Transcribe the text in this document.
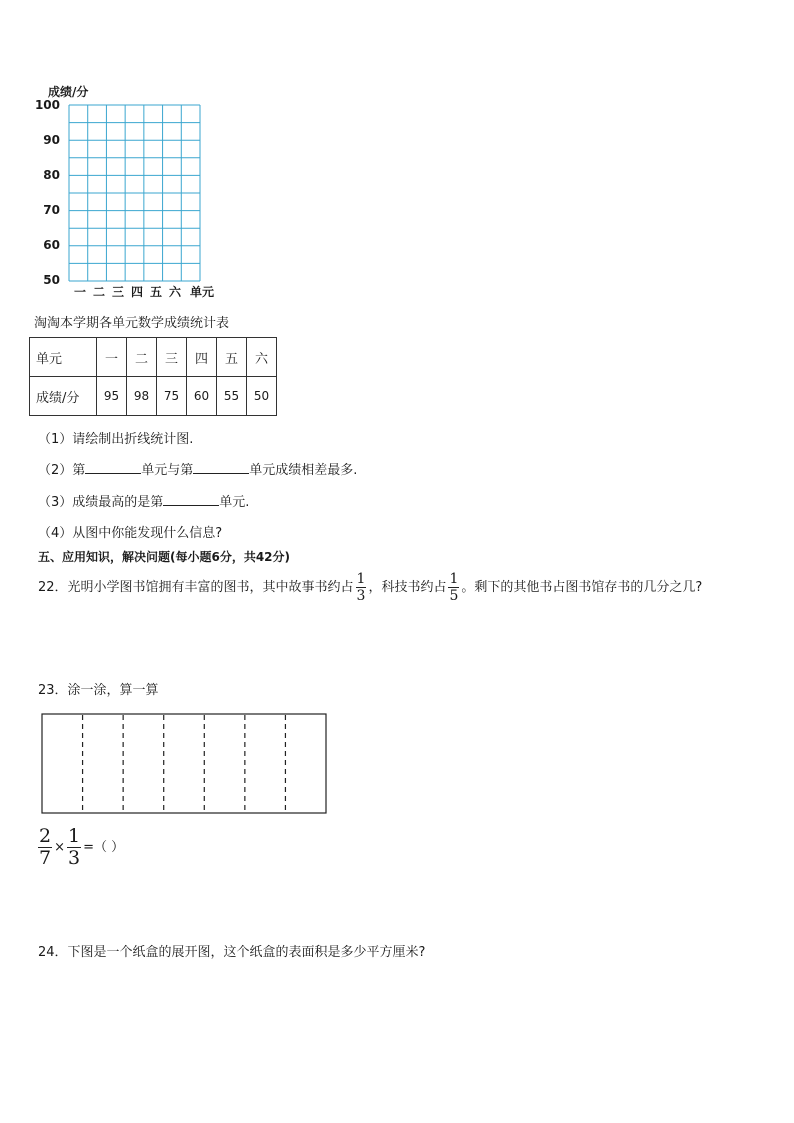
成绩/分
100
90
80
70
60
50
一 二 三 四 五 六 单元
淘淘本学期各单元数学成绩统计表
单元	一	二	三	四	五	六
成绩/分	95	98	75	60	55	50
（1）请绘制出折线统计图.
（2）第	单元与第	单元成绩相差最多.
（3）成绩最高的是第	单元.
（4）从图中你能发现什么信息?
五、应用知识，解决问题(每小题6分，共42分)
22．光明小学图书馆拥有丰富的图书，其中故事书约占 $\frac{1}{3}$ ，科技书约占 $\frac{1}{5}$ 。剩下的其他书占图书馆存书的几分之几?
23．涂一涂，算一算
$\frac{2}{7} \times \frac{1}{3}$ =（ ）
24．下图是一个纸盒的展开图，这个纸盒的表面积是多少平方厘米?
